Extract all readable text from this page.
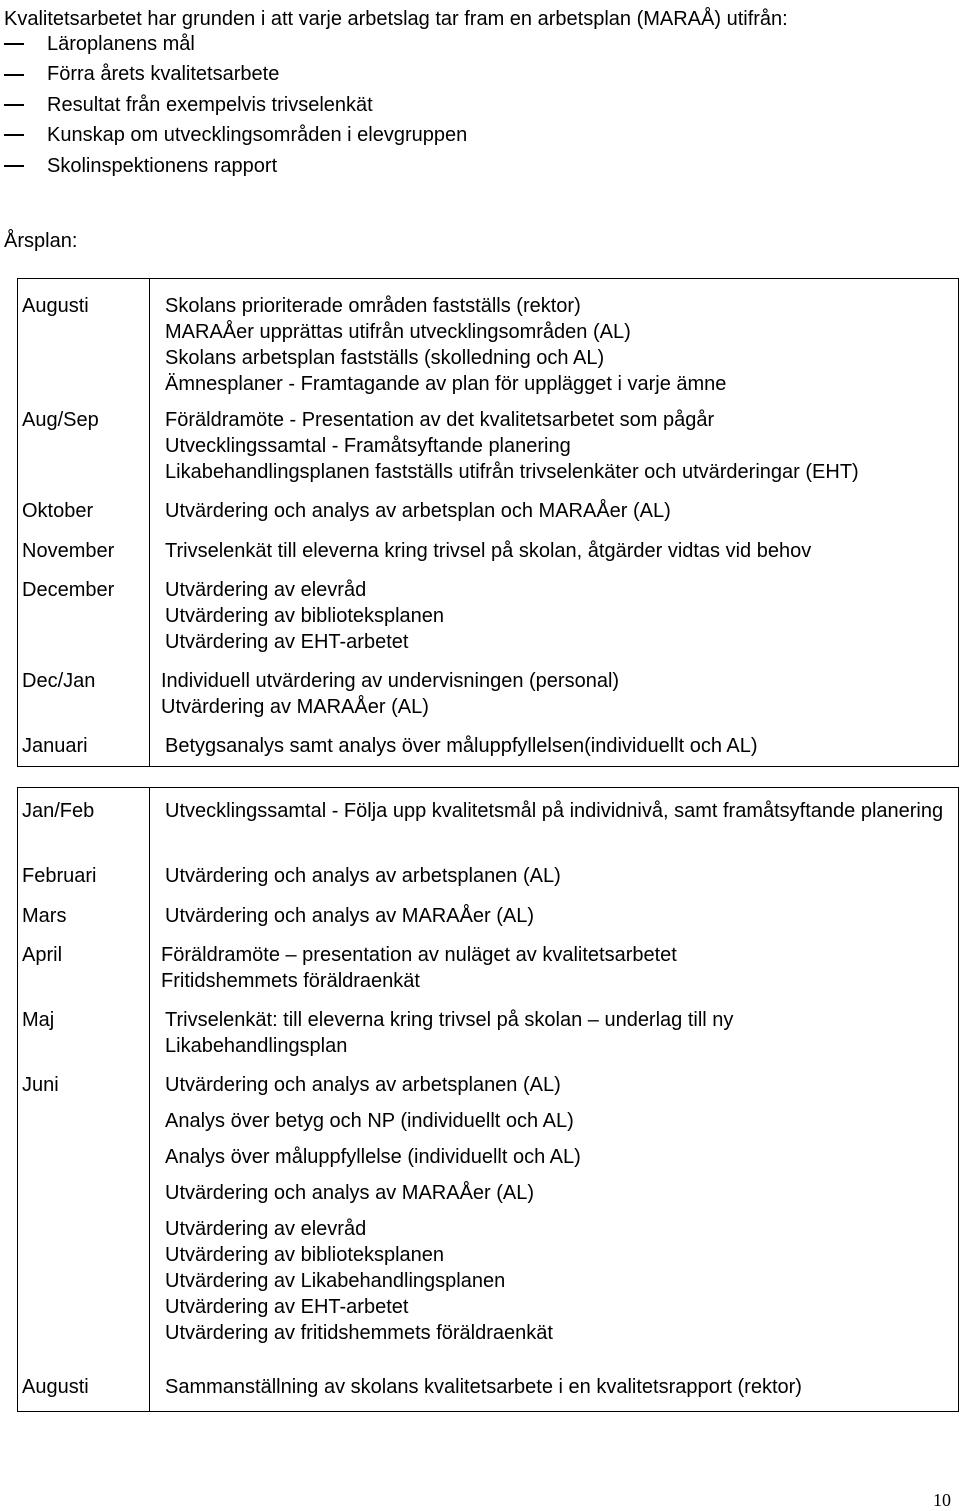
Kvalitetsarbetet har grunden i att varje arbetslag tar fram en arbetsplan (MARAÅ) utifrån:
Läroplanens mål
Förra årets kvalitetsarbete
Resultat från exempelvis trivselenkät
Kunskap om utvecklingsområden i elevgruppen
Skolinspektionens rapport
Årsplan:
Augusti	Skolans prioriterade områden fastställs (rektor)
MARAÅer upprättas utifrån utvecklingsområden (AL)
Skolans arbetsplan fastställs (skolledning och AL)
Ämnesplaner - Framtagande av plan för upplägget i varje ämne
Aug/Sep	Föräldramöte - Presentation av det kvalitetsarbetet som pågår
Utvecklingssamtal - Framåtsyftande planering
Likabehandlingsplanen fastställs utifrån trivselenkäter och utvärderingar (EHT)
Oktober	Utvärdering och analys av arbetsplan och MARAÅer (AL)
November	Trivselenkät till eleverna kring trivsel på skolan, åtgärder vidtas vid behov
December	Utvärdering av elevråd
Utvärdering av biblioteksplanen
Utvärdering av EHT-arbetet
Dec/Jan	Individuell utvärdering av undervisningen (personal)
Utvärdering av MARAÅer (AL)
Januari	Betygsanalys samt analys över måluppfyllelsen(individuellt och AL)
Jan/Feb	Utvecklingssamtal - Följa upp kvalitetsmål på individnivå, samt framåtsyftande planering
Februari	Utvärdering och analys av arbetsplanen (AL)
Mars	Utvärdering och analys av MARAÅer (AL)
April	Föräldramöte – presentation av nuläget av kvalitetsarbetet
Fritidshemmets föräldraenkät
Maj	Trivselenkät: till eleverna kring trivsel på skolan – underlag till ny Likabehandlingsplan
Juni	Utvärdering och analys av arbetsplanen (AL)
Analys över betyg och NP (individuellt och AL)
Analys över måluppfyllelse (individuellt och AL)
Utvärdering och analys av MARAÅer (AL)
Utvärdering av elevråd
Utvärdering av biblioteksplanen
Utvärdering av Likabehandlingsplanen
Utvärdering av EHT-arbetet
Utvärdering av fritidshemmets föräldraenkät
Augusti	Sammanställning av skolans kvalitetsarbete i en kvalitetsrapport (rektor)
10
